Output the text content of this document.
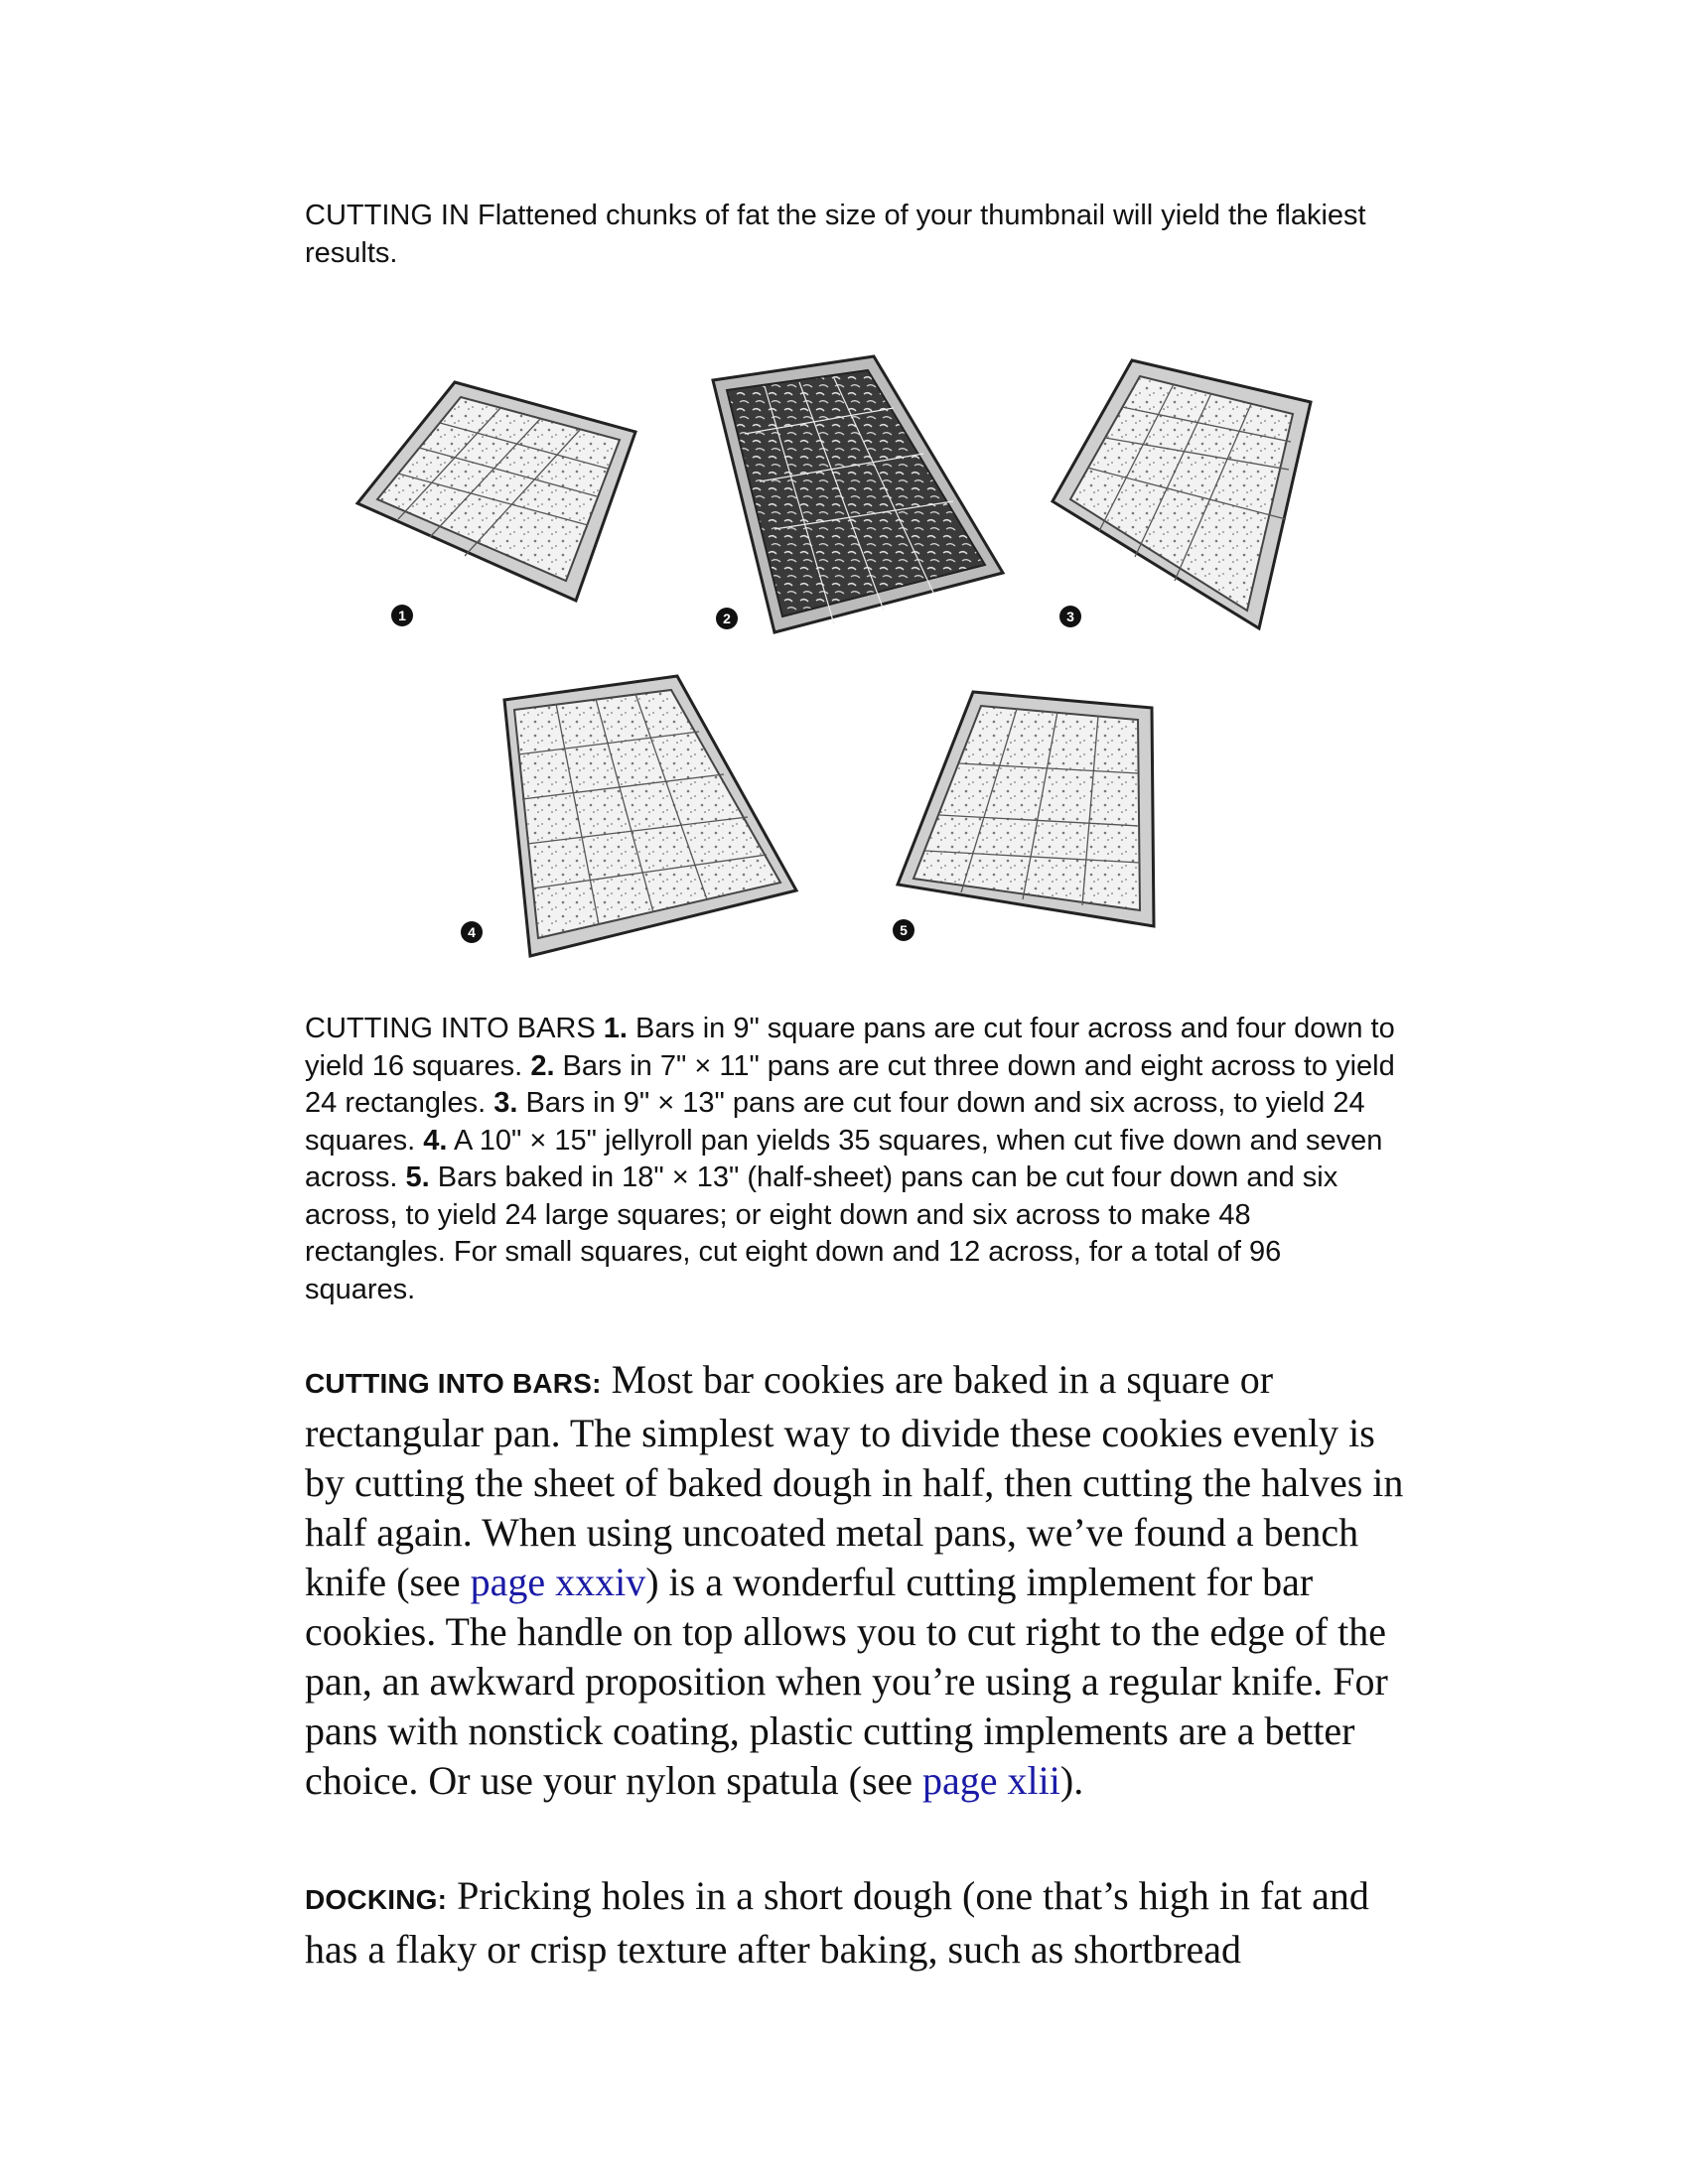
CUTTING IN Flattened chunks of fat the size of your thumbnail will yield the flakiest results.
1	2	3
4	5
CUTTING INTO BARS 1. Bars in 9" square pans are cut four across and four down to yield 16 squares. 2. Bars in 7" × 11" pans are cut three down and eight across to yield 24 rectangles. 3. Bars in 9" × 13" pans are cut four down and six across, to yield 24 squares. 4. A 10" × 15" jellyroll pan yields 35 squares, when cut five down and seven across. 5. Bars baked in 18" × 13" (half-sheet) pans can be cut four down and six across, to yield 24 large squares; or eight down and six across to make 48 rectangles. For small squares, cut eight down and 12 across, for a total of 96 squares.
CUTTING INTO BARS: Most bar cookies are baked in a square or rectangular pan. The simplest way to divide these cookies evenly is by cutting the sheet of baked dough in half, then cutting the halves in half again. When using uncoated metal pans, we’ve found a bench knife (see page xxxiv) is a wonderful cutting implement for bar cookies. The handle on top allows you to cut right to the edge of the pan, an awkward proposition when you’re using a regular knife. For pans with nonstick coating, plastic cutting implements are a better choice. Or use your nylon spatula (see page xlii).
DOCKING: Pricking holes in a short dough (one that’s high in fat and has a flaky or crisp texture after baking, such as shortbread
